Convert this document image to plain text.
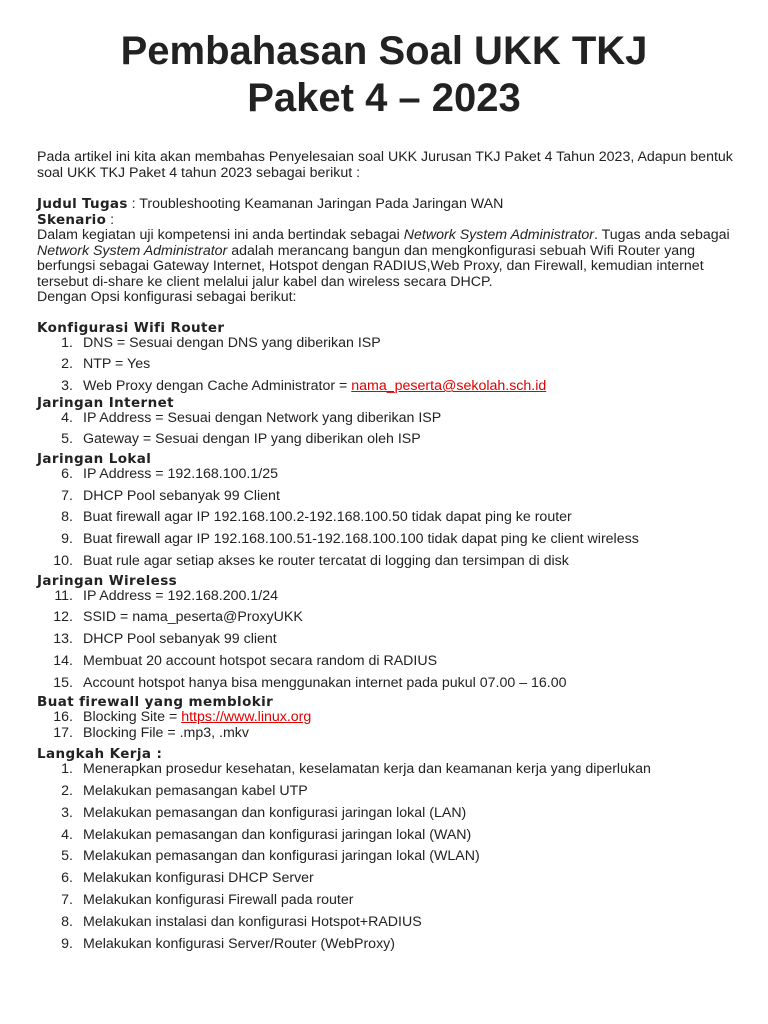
Pembahasan Soal UKK TKJ
Paket 4 – 2023

Pada artikel ini kita akan membahas Penyelesaian soal UKK Jurusan TKJ Paket 4 Tahun 2023, Adapun bentuk soal UKK TKJ Paket 4 tahun 2023 sebagai berikut :

Judul Tugas : Troubleshooting Keamanan Jaringan Pada Jaringan WAN

Skenario :

Dalam kegiatan uji kompetensi ini anda bertindak sebagai Network System Administrator. Tugas anda sebagai Network System Administrator adalah merancang bangun dan mengkonfigurasi sebuah Wifi Router yang berfungsi sebagai Gateway Internet, Hotspot dengan RADIUS,Web Proxy, dan Firewall, kemudian internet tersebut di-share ke client melalui jalur kabel dan wireless secara DHCP.

Dengan Opsi konfigurasi sebagai berikut:

Konfigurasi Wifi Router

1. DNS = Sesuai dengan DNS yang diberikan ISP
2. NTP = Yes
3. Web Proxy dengan Cache Administrator = nama_peserta@sekolah.sch.id

Jaringan Internet

4. IP Address = Sesuai dengan Network yang diberikan ISP
5. Gateway = Sesuai dengan IP yang diberikan oleh ISP

Jaringan Lokal

6. IP Address = 192.168.100.1/25
7. DHCP Pool sebanyak 99 Client
8. Buat firewall agar IP 192.168.100.2-192.168.100.50 tidak dapat ping ke router
9. Buat firewall agar IP 192.168.100.51-192.168.100.100 tidak dapat ping ke client wireless
10. Buat rule agar setiap akses ke router tercatat di logging dan tersimpan di disk

Jaringan Wireless

11. IP Address = 192.168.200.1/24
12. SSID = nama_peserta@ProxyUKK
13. DHCP Pool sebanyak 99 client
14. Membuat 20 account hotspot secara random di RADIUS
15. Account hotspot hanya bisa menggunakan internet pada pukul 07.00 – 16.00

Buat firewall yang memblokir

16. Blocking Site = https://www.linux.org
17. Blocking File = .mp3, .mkv

Langkah Kerja :

1. Menerapkan prosedur kesehatan, keselamatan kerja dan keamanan kerja yang diperlukan
2. Melakukan pemasangan kabel UTP
3. Melakukan pemasangan dan konfigurasi jaringan lokal (LAN)
4. Melakukan pemasangan dan konfigurasi jaringan lokal (WAN)
5. Melakukan pemasangan dan konfigurasi jaringan lokal (WLAN)
6. Melakukan konfigurasi DHCP Server
7. Melakukan konfigurasi Firewall pada router
8. Melakukan instalasi dan konfigurasi Hotspot+RADIUS
9. Melakukan konfigurasi Server/Router (WebProxy)
